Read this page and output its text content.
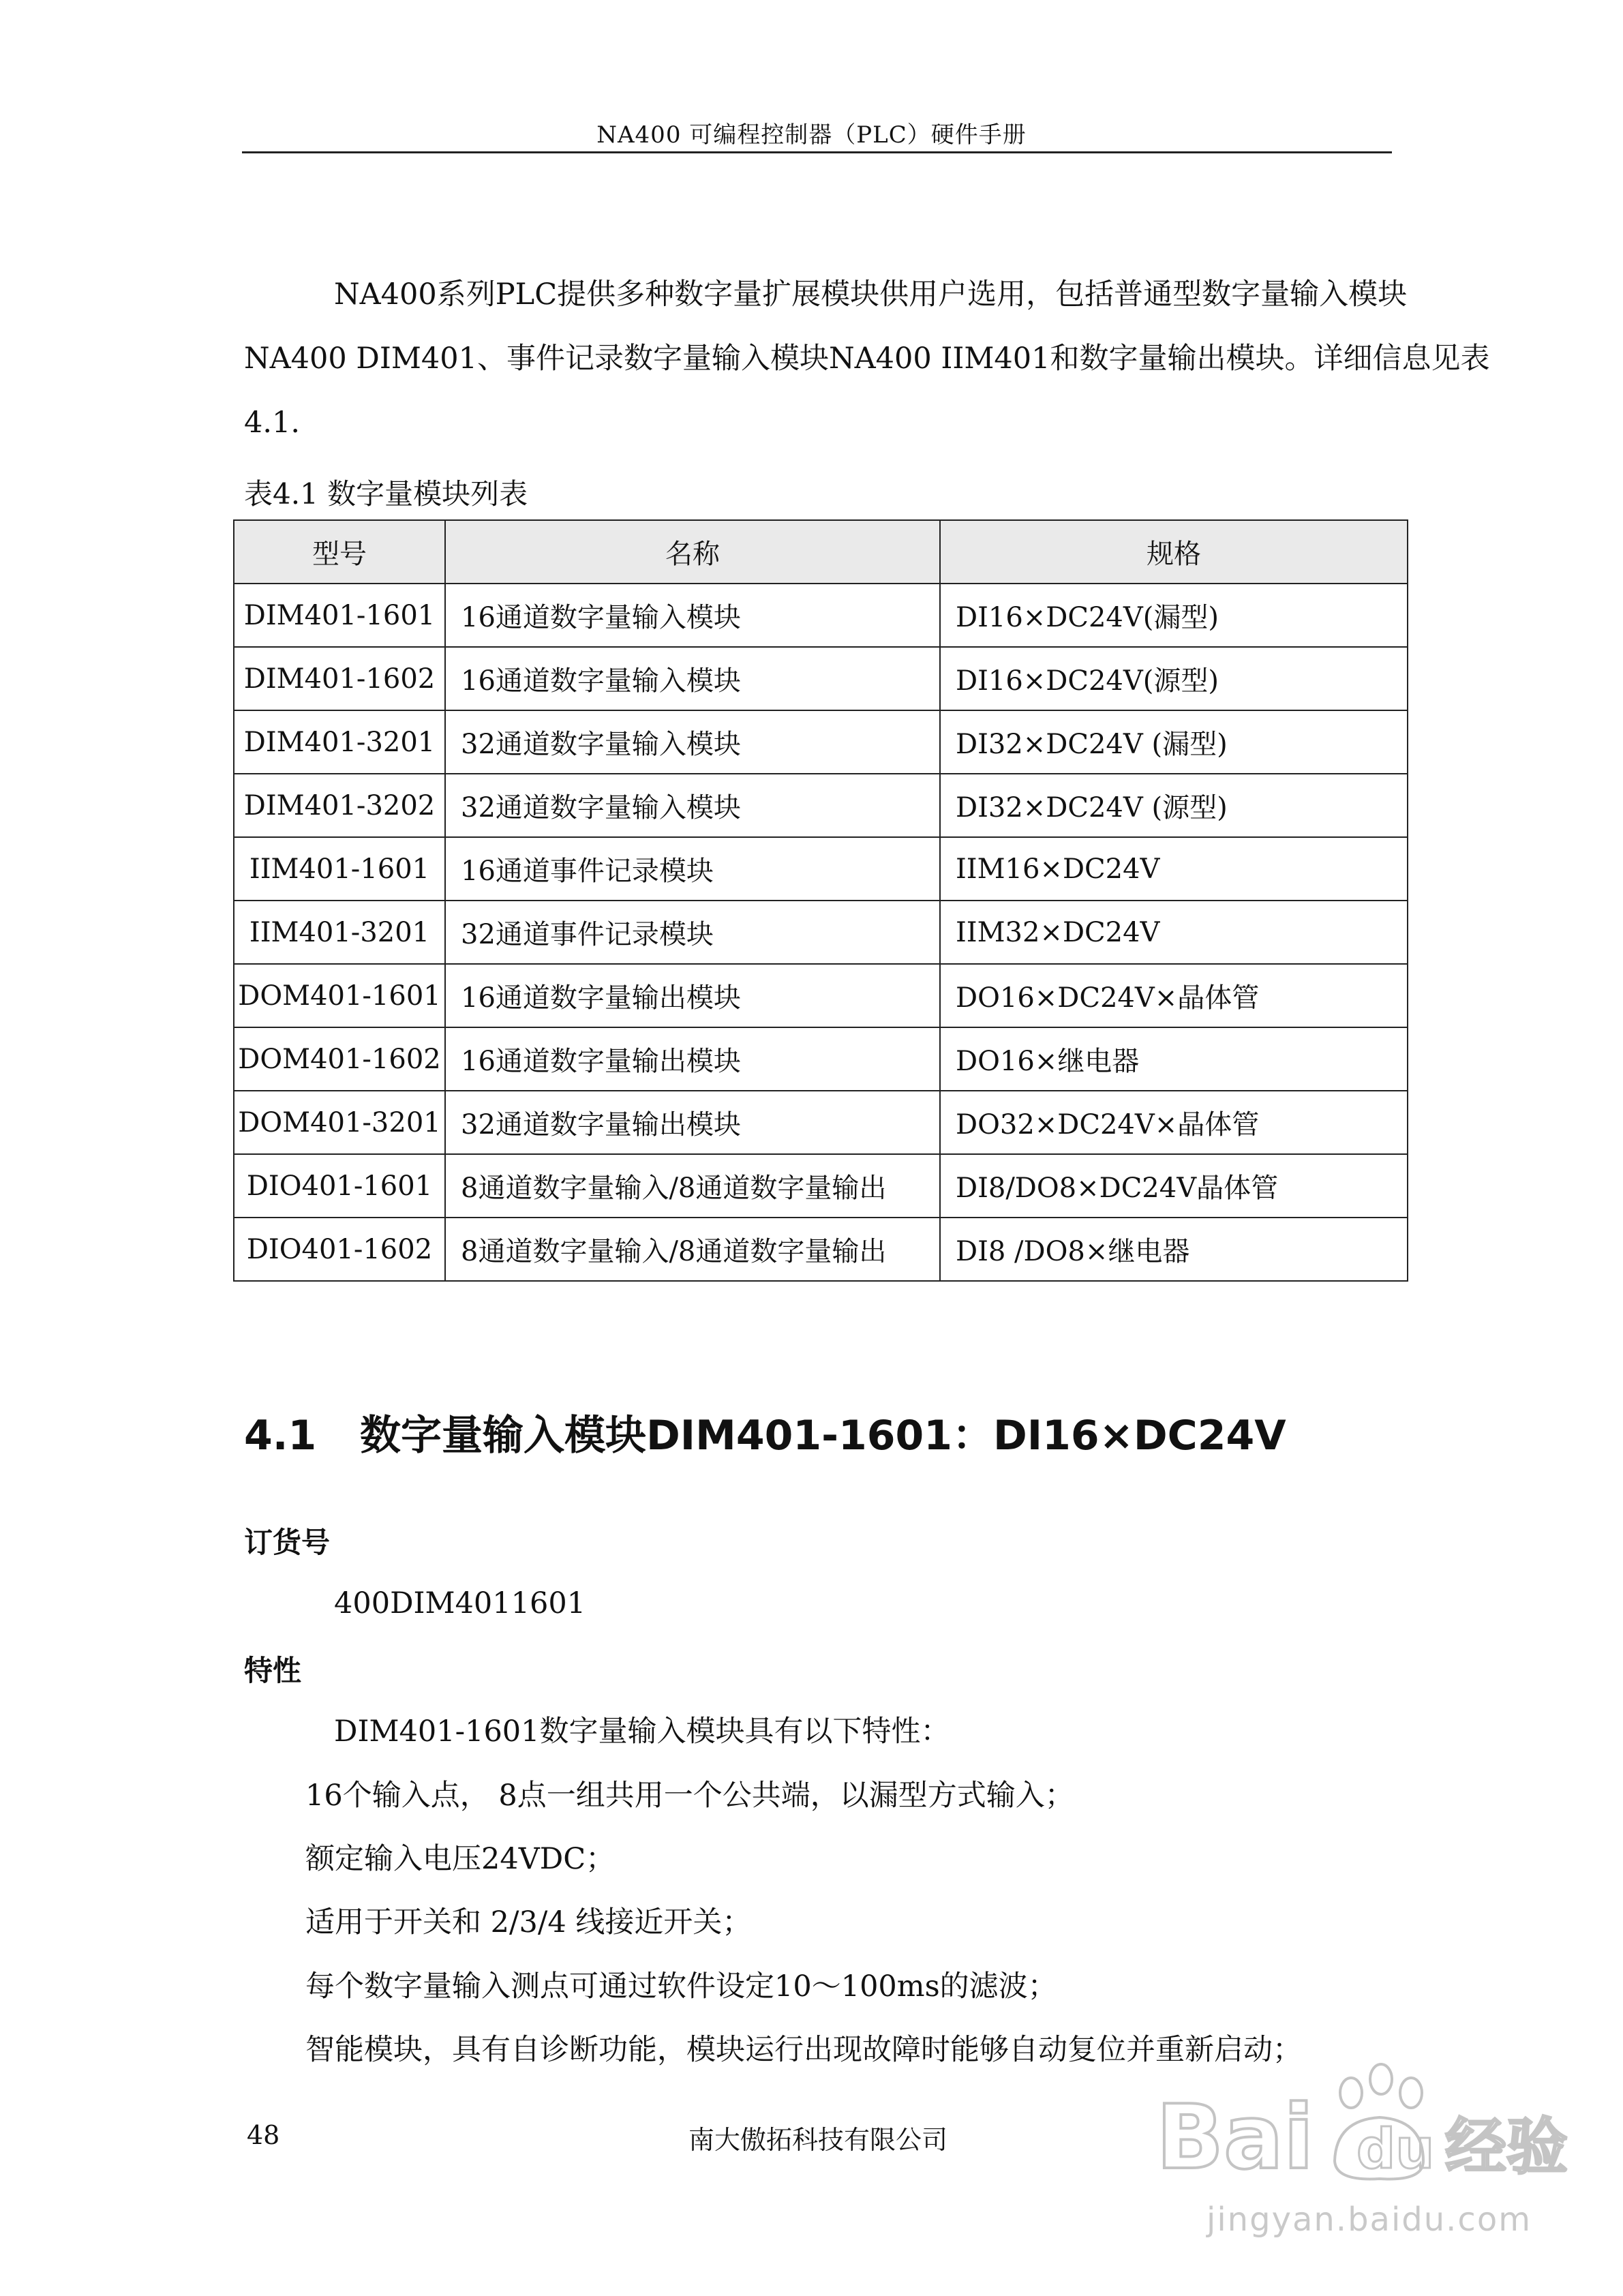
NA400 可编程控制器（PLC）硬件手册
NA400系列PLC提供多种数字量扩展模块供用户选用，包括普通型数字量输入模块
NA400 DIM401、事件记录数字量输入模块NA400 IIM401和数字量输出模块。详细信息见表
4.1.
表4.1 数字量模块列表
型号	名称	规格
DIM401-1601	16通道数字量输入模块	DI16×DC24V(漏型)
DIM401-1602	16通道数字量输入模块	DI16×DC24V(源型)
DIM401-3201	32通道数字量输入模块	DI32×DC24V (漏型)
DIM401-3202	32通道数字量输入模块	DI32×DC24V (源型)
IIM401-1601	16通道事件记录模块	IIM16×DC24V
IIM401-3201	32通道事件记录模块	IIM32×DC24V
DOM401-1601	16通道数字量输出模块	DO16×DC24V×晶体管
DOM401-1602	16通道数字量输出模块	DO16×继电器
DOM401-3201	32通道数字量输出模块	DO32×DC24V×晶体管
DIO401-1601	8通道数字量输入/8通道数字量输出	DI8/DO8×DC24V晶体管
DIO401-1602	8通道数字量输入/8通道数字量输出	DI8 /DO8×继电器
4.1 数字量输入模块DIM401-1601：DI16×DC24V
订货号
400DIM4011601
特性
DIM401-1601数字量输入模块具有以下特性：
16个输入点， 8点一组共用一个公共端，以漏型方式输入；
额定输入电压24VDC；
适用于开关和 2/3/4 线接近开关；
每个数字量输入测点可通过软件设定10～100ms的滤波；
智能模块，具有自诊断功能，模块运行出现故障时能够自动复位并重新启动；
48	南大傲拓科技有限公司 Bai du 经验
jingyan.baidu.com
